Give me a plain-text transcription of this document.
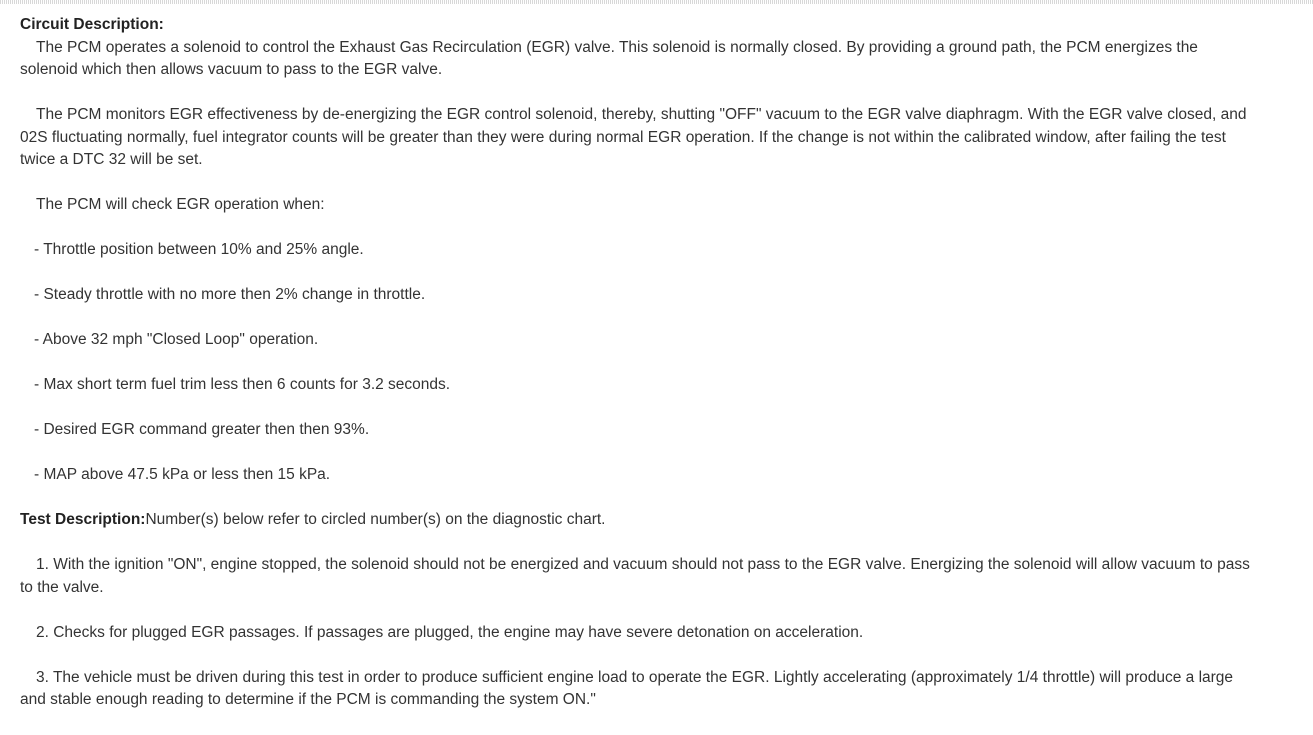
Circuit Description:
The PCM operates a solenoid to control the Exhaust Gas Recirculation (EGR) valve. This solenoid is normally closed. By providing a ground path, the PCM energizes the solenoid which then allows vacuum to pass to the EGR valve.
The PCM monitors EGR effectiveness by de-energizing the EGR control solenoid, thereby, shutting "OFF" vacuum to the EGR valve diaphragm. With the EGR valve closed, and 02S fluctuating normally, fuel integrator counts will be greater than they were during normal EGR operation. If the change is not within the calibrated window, after failing the test twice a DTC 32 will be set.
The PCM will check EGR operation when:
- Throttle position between 10% and 25% angle.
- Steady throttle with no more then 2% change in throttle.
- Above 32 mph "Closed Loop" operation.
- Max short term fuel trim less then 6 counts for 3.2 seconds.
- Desired EGR command greater then then 93%.
- MAP above 47.5 kPa or less then 15 kPa.
Test Description:Number(s) below refer to circled number(s) on the diagnostic chart.
1. With the ignition "ON", engine stopped, the solenoid should not be energized and vacuum should not pass to the EGR valve. Energizing the solenoid will allow vacuum to pass to the valve.
2. Checks for plugged EGR passages. If passages are plugged, the engine may have severe detonation on acceleration.
3. The vehicle must be driven during this test in order to produce sufficient engine load to operate the EGR. Lightly accelerating (approximately 1/4 throttle) will produce a large and stable enough reading to determine if the PCM is commanding the system ON."
